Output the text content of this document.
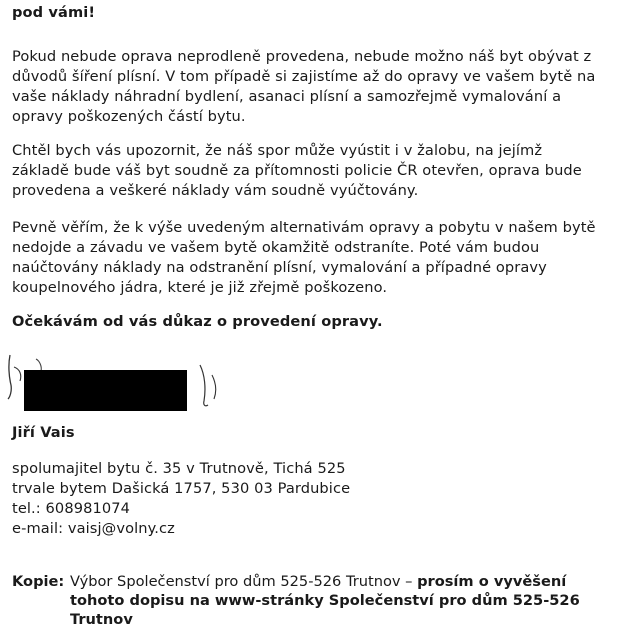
pod vámi!
Pokud nebude oprava neprodleně provedena, nebude možno náš byt obývat z
důvodů šíření plísní. V tom případě si zajistíme až do opravy ve vašem bytě na
vaše náklady náhradní bydlení, asanaci plísní a samozřejmě vymalování a
opravy poškozených částí bytu.
Chtěl bych vás upozornit, že náš spor může vyústit i v žalobu, na jejímž
základě bude váš byt soudně za přítomnosti policie ČR otevřen, oprava bude
provedena a veškeré náklady vám soudně vyúčtovány.
Pevně věřím, že k výše uvedeným alternativám opravy a pobytu v našem bytě
nedojde a závadu ve vašem bytě okamžitě odstraníte. Poté vám budou
naúčtovány náklady na odstranění plísní, vymalování a případné opravy
koupelnového jádra, které je již zřejmě poškozeno.
Očekávám od vás důkaz o provedení opravy.
Jiří Vais
spolumajitel bytu č. 35 v Trutnově, Tichá 525
trvale bytem Dašická 1757, 530 03 Pardubice
tel.: 608981074
e-mail: vaisj@volny.cz
Kopie: Výbor Společenství pro dům 525-526 Trutnov – prosím o vyvěšení
tohoto dopisu na www-stránky Společenství pro dům 525-526
Trutnov
